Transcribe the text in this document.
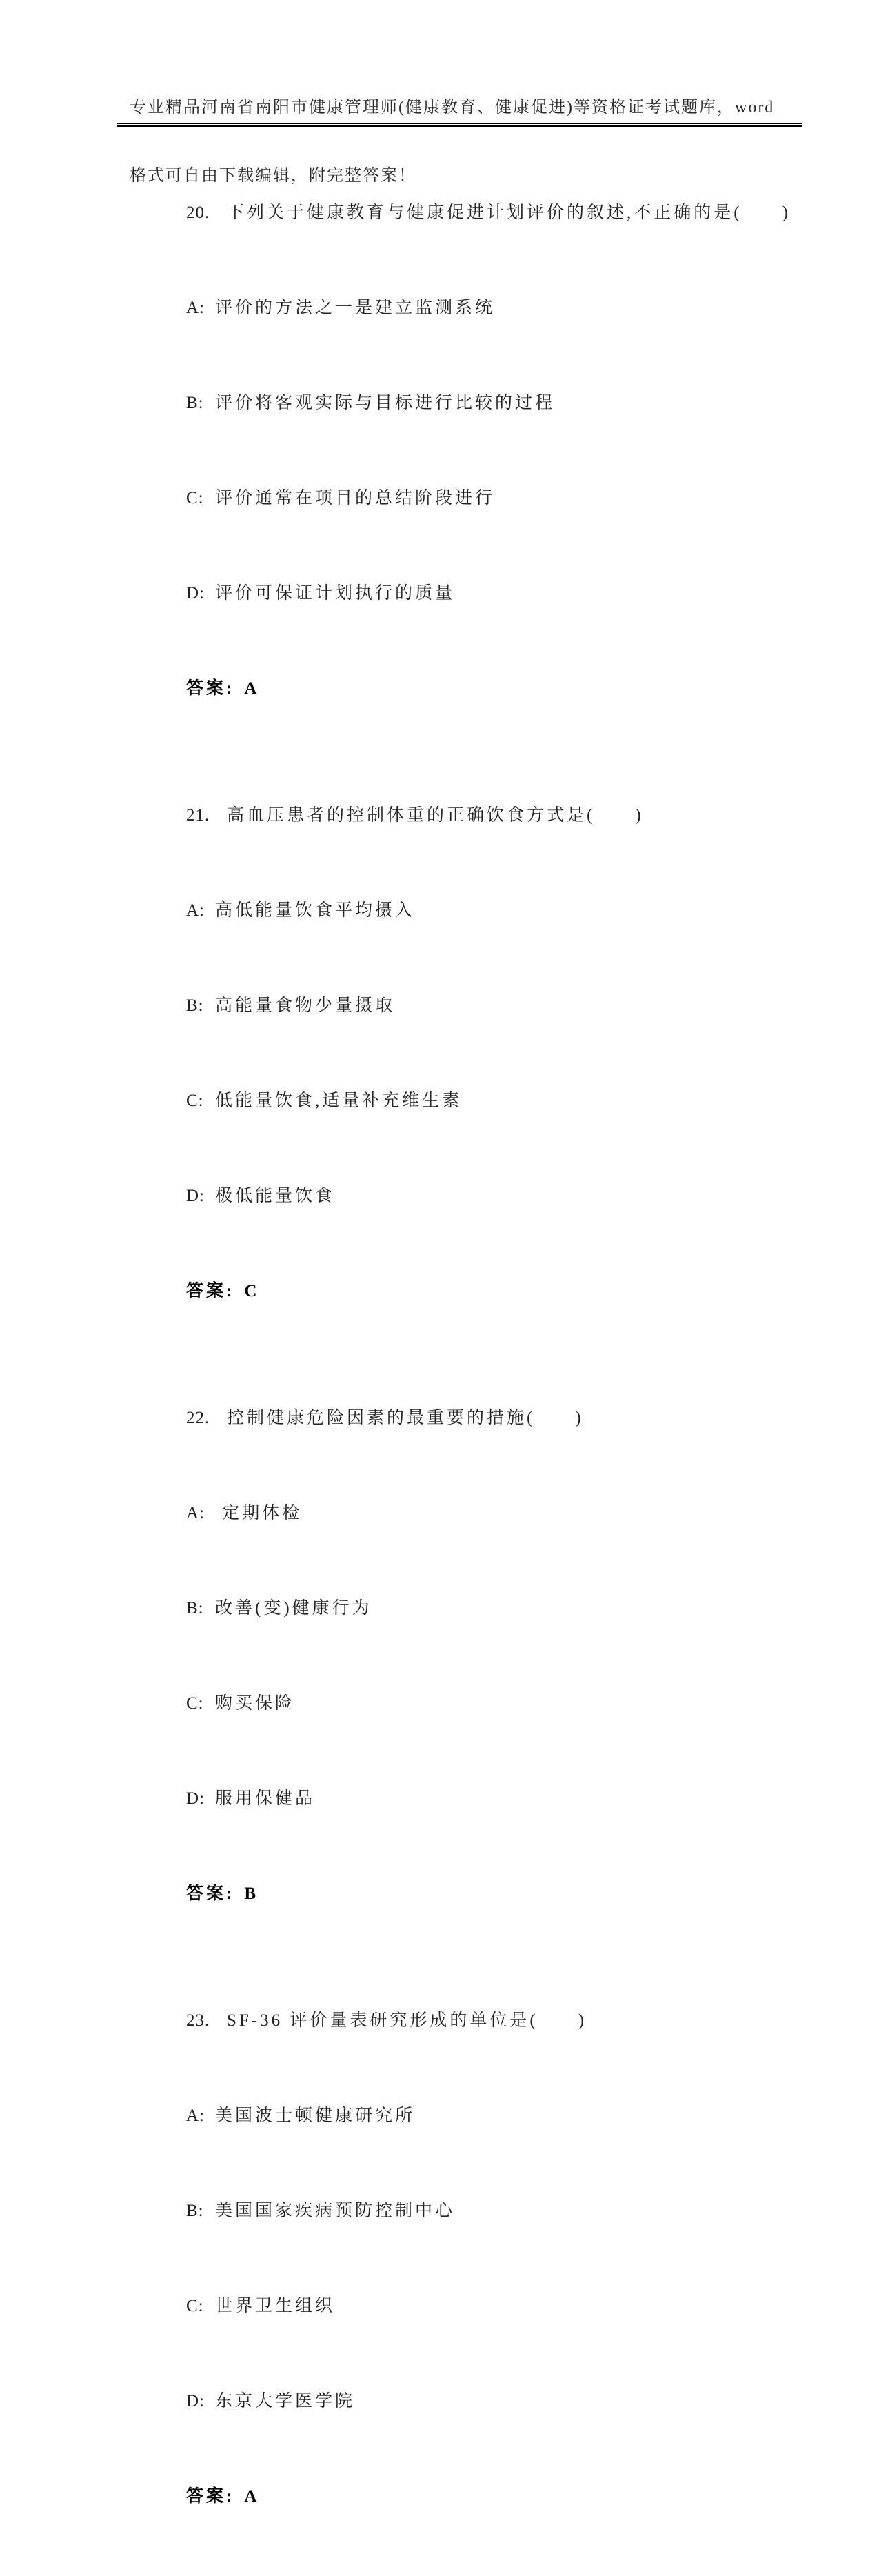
专业精品河南省南阳市健康管理师(健康教育、健康促进)等资格证考试题库，word

格式可自由下载编辑，附完整答案！

20. 下列关于健康教育与健康促进计划评价的叙述,不正确的是(　　)

A: 评价的方法之一是建立监测系统

B: 评价将客观实际与目标进行比较的过程

C: 评价通常在项目的总结阶段进行

D: 评价可保证计划执行的质量

答案: A

21. 高血压患者的控制体重的正确饮食方式是(　　)

A: 高低能量饮食平均摄入

B: 高能量食物少量摄取

C: 低能量饮食,适量补充维生素

D: 极低能量饮食

答案: C

22. 控制健康危险因素的最重要的措施(　　)

A: 定期体检

B: 改善(变)健康行为

C: 购买保险

D: 服用保健品

答案: B

23. SF-36 评价量表研究形成的单位是(　　)

A: 美国波士顿健康研究所

B: 美国国家疾病预防控制中心

C: 世界卫生组织

D: 东京大学医学院

答案: A
